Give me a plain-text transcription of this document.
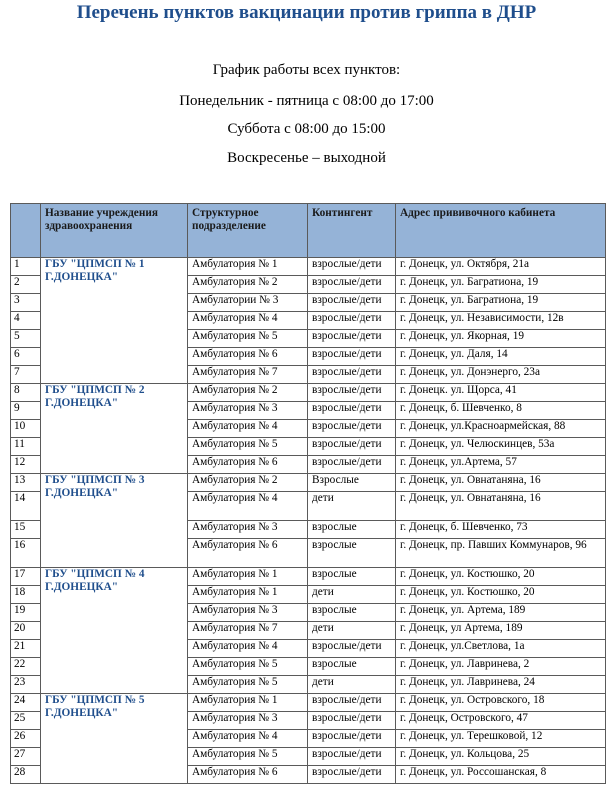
Перечень пунктов вакцинации против гриппа в ДНР
График работы всех пунктов:
Понедельник - пятница с 08:00 до 17:00
Суббота с 08:00 до 15:00
Воскресенье – выходной
	Название учреждения здравоохранения	Структурное подразделение	Контингент	Адрес прививочного кабинета
1	ГБУ "ЦПМСП № 1 Г.ДОНЕЦКА"	Амбулатория № 1	взрослые/дети	г. Донецк, ул. Октября, 21а
2		Амбулатория № 2	взрослые/дети	г. Донецк, ул. Багратиона, 19
3		Амбулатории № 3	взрослые/дети	г. Донецк, ул. Багратиона, 19
4		Амбулатория № 4	взрослые/дети	г. Донецк, ул. Независимости, 12в
5		Амбулатория № 5	взрослые/дети	г. Донецк, ул. Якорная, 19
6		Амбулатория № 6	взрослые/дети	г. Донецк, ул. Даля, 14
7		Амбулатория № 7	взрослые/дети	г. Донецк, ул. Донэнерго, 23а
8	ГБУ "ЦПМСП № 2 Г.ДОНЕЦКА"	Амбулатория № 2	взрослые/дети	г. Донецк. ул. Щорса, 41
9		Амбулатория № 3	взрослые/дети	г. Донецк, б. Шевченко, 8
10		Амбулатория № 4	взрослые/дети	г. Донецк, ул.Красноармейская, 88
11		Амбулатория № 5	взрослые/дети	г. Донецк, ул. Челюскинцев, 53а
12		Амбулатория № 6	взрослые/дети	г. Донецк, ул.Артема, 57
13	ГБУ "ЦПМСП № 3 Г.ДОНЕЦКА"	Амбулатория № 2	Взрослые	г. Донецк, ул. Овнатаняна, 16
14		Амбулатория № 4	дети	г. Донецк, ул. Овнатаняна, 16
15		Амбулатория № 3	взрослые	г. Донецк, б. Шевченко, 73
16		Амбулатория № 6	взрослые	г. Донецк, пр. Павших Коммунаров, 96
17	ГБУ "ЦПМСП № 4 Г.ДОНЕЦКА"	Амбулатория № 1	взрослые	г. Донецк, ул. Костюшко, 20
18		Амбулатория № 1	дети	г. Донецк, ул. Костюшко, 20
19		Амбулатория № 3	взрослые	г. Донецк, ул. Артема, 189
20		Амбулатория № 7	дети	г. Донецк, ул Артема, 189
21		Амбулатория № 4	взрослые/дети	г. Донецк, ул.Светлова, 1а
22		Амбулатория № 5	взрослые	г. Донецк, ул. Лавринева, 2
23		Амбулатория № 5	дети	г. Донецк, ул. Лавринева, 24
24	ГБУ "ЦПМСП № 5 Г.ДОНЕЦКА"	Амбулатория № 1	взрослые/дети	г. Донецк, ул. Островского, 18
25		Амбулатория № 3	взрослые/дети	г. Донецк, Островского, 47
26		Амбулатория № 4	взрослые/дети	г. Донецк, ул. Терешковой, 12
27		Амбулатория № 5	взрослые/дети	г. Донецк, ул. Кольцова, 25
28		Амбулатория № 6	взрослые/дети	г. Донецк, ул. Россошанская, 8
